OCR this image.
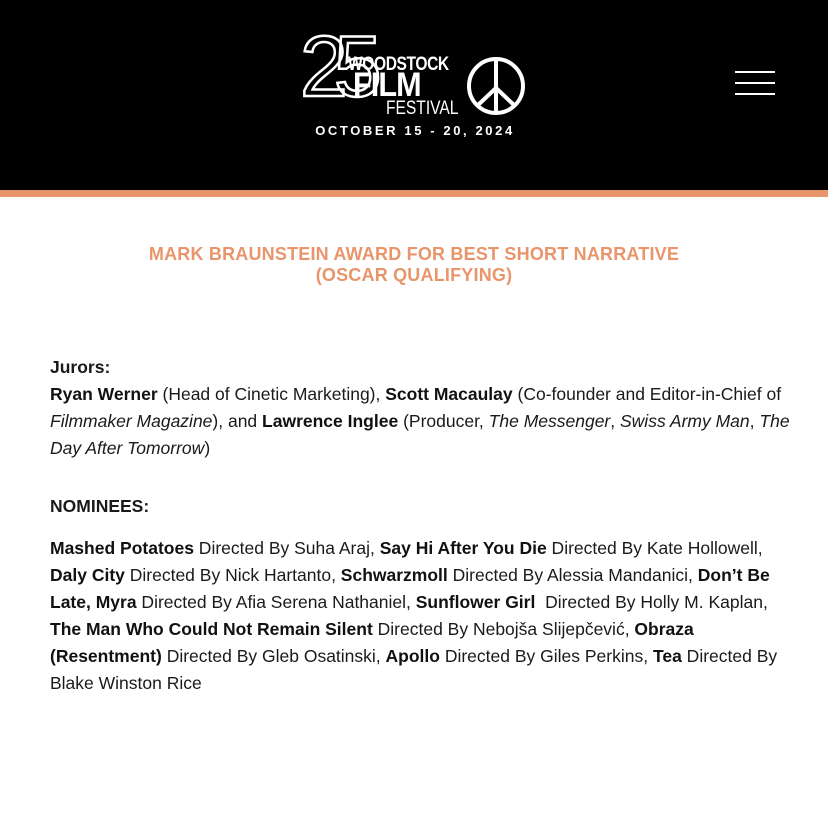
25
WOODSTOCK
FILM
FESTIVAL
OCTOBER 15 - 20, 2024
MARK BRAUNSTEIN AWARD FOR BEST SHORT NARRATIVE
(OSCAR QUALIFYING)

Jurors:

Ryan Werner (Head of Cinetic Marketing), Scott Macaulay (Co-founder and Editor-in-Chief of Filmmaker Magazine), and Lawrence Inglee (Producer, The Messenger, Swiss Army Man, The Day After Tomorrow)

NOMINEES:

Mashed Potatoes Directed By Suha Araj, Say Hi After You Die Directed By Kate Hollowell, Daly City Directed By Nick Hartanto, Schwarzmoll Directed By Alessia Mandanici, Don’t Be Late, Myra Directed By Afia Serena Nathaniel, Sunflower Girl  Directed By Holly M. Kaplan, The Man Who Could Not Remain Silent Directed By Nebojša Slijepčević, Obraza (Resentment) Directed By Gleb Osatinski, Apollo Directed By Giles Perkins, Tea Directed By Blake Winston Rice
